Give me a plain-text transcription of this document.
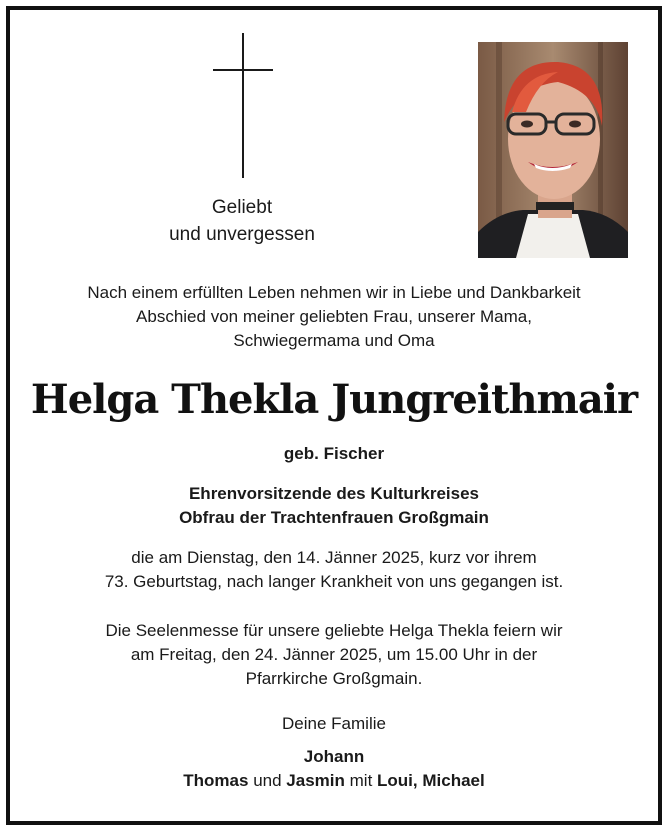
Geliebt
und unvergessen
Nach einem erfüllten Leben nehmen wir in Liebe und Dankbarkeit
Abschied von meiner geliebten Frau, unserer Mama,
Schwiegermama und Oma
Helga Thekla Jungreithmair
geb. Fischer
Ehrenvorsitzende des Kulturkreises
Obfrau der Trachtenfrauen Großgmain
die am Dienstag, den 14. Jänner 2025, kurz vor ihrem
73. Geburtstag, nach langer Krankheit von uns gegangen ist.
Die Seelenmesse für unsere geliebte Helga Thekla feiern wir
am Freitag, den 24. Jänner 2025, um 15.00 Uhr in der
Pfarrkirche Großgmain.
Deine Familie
Johann
Thomas und Jasmin mit Loui, Michael
